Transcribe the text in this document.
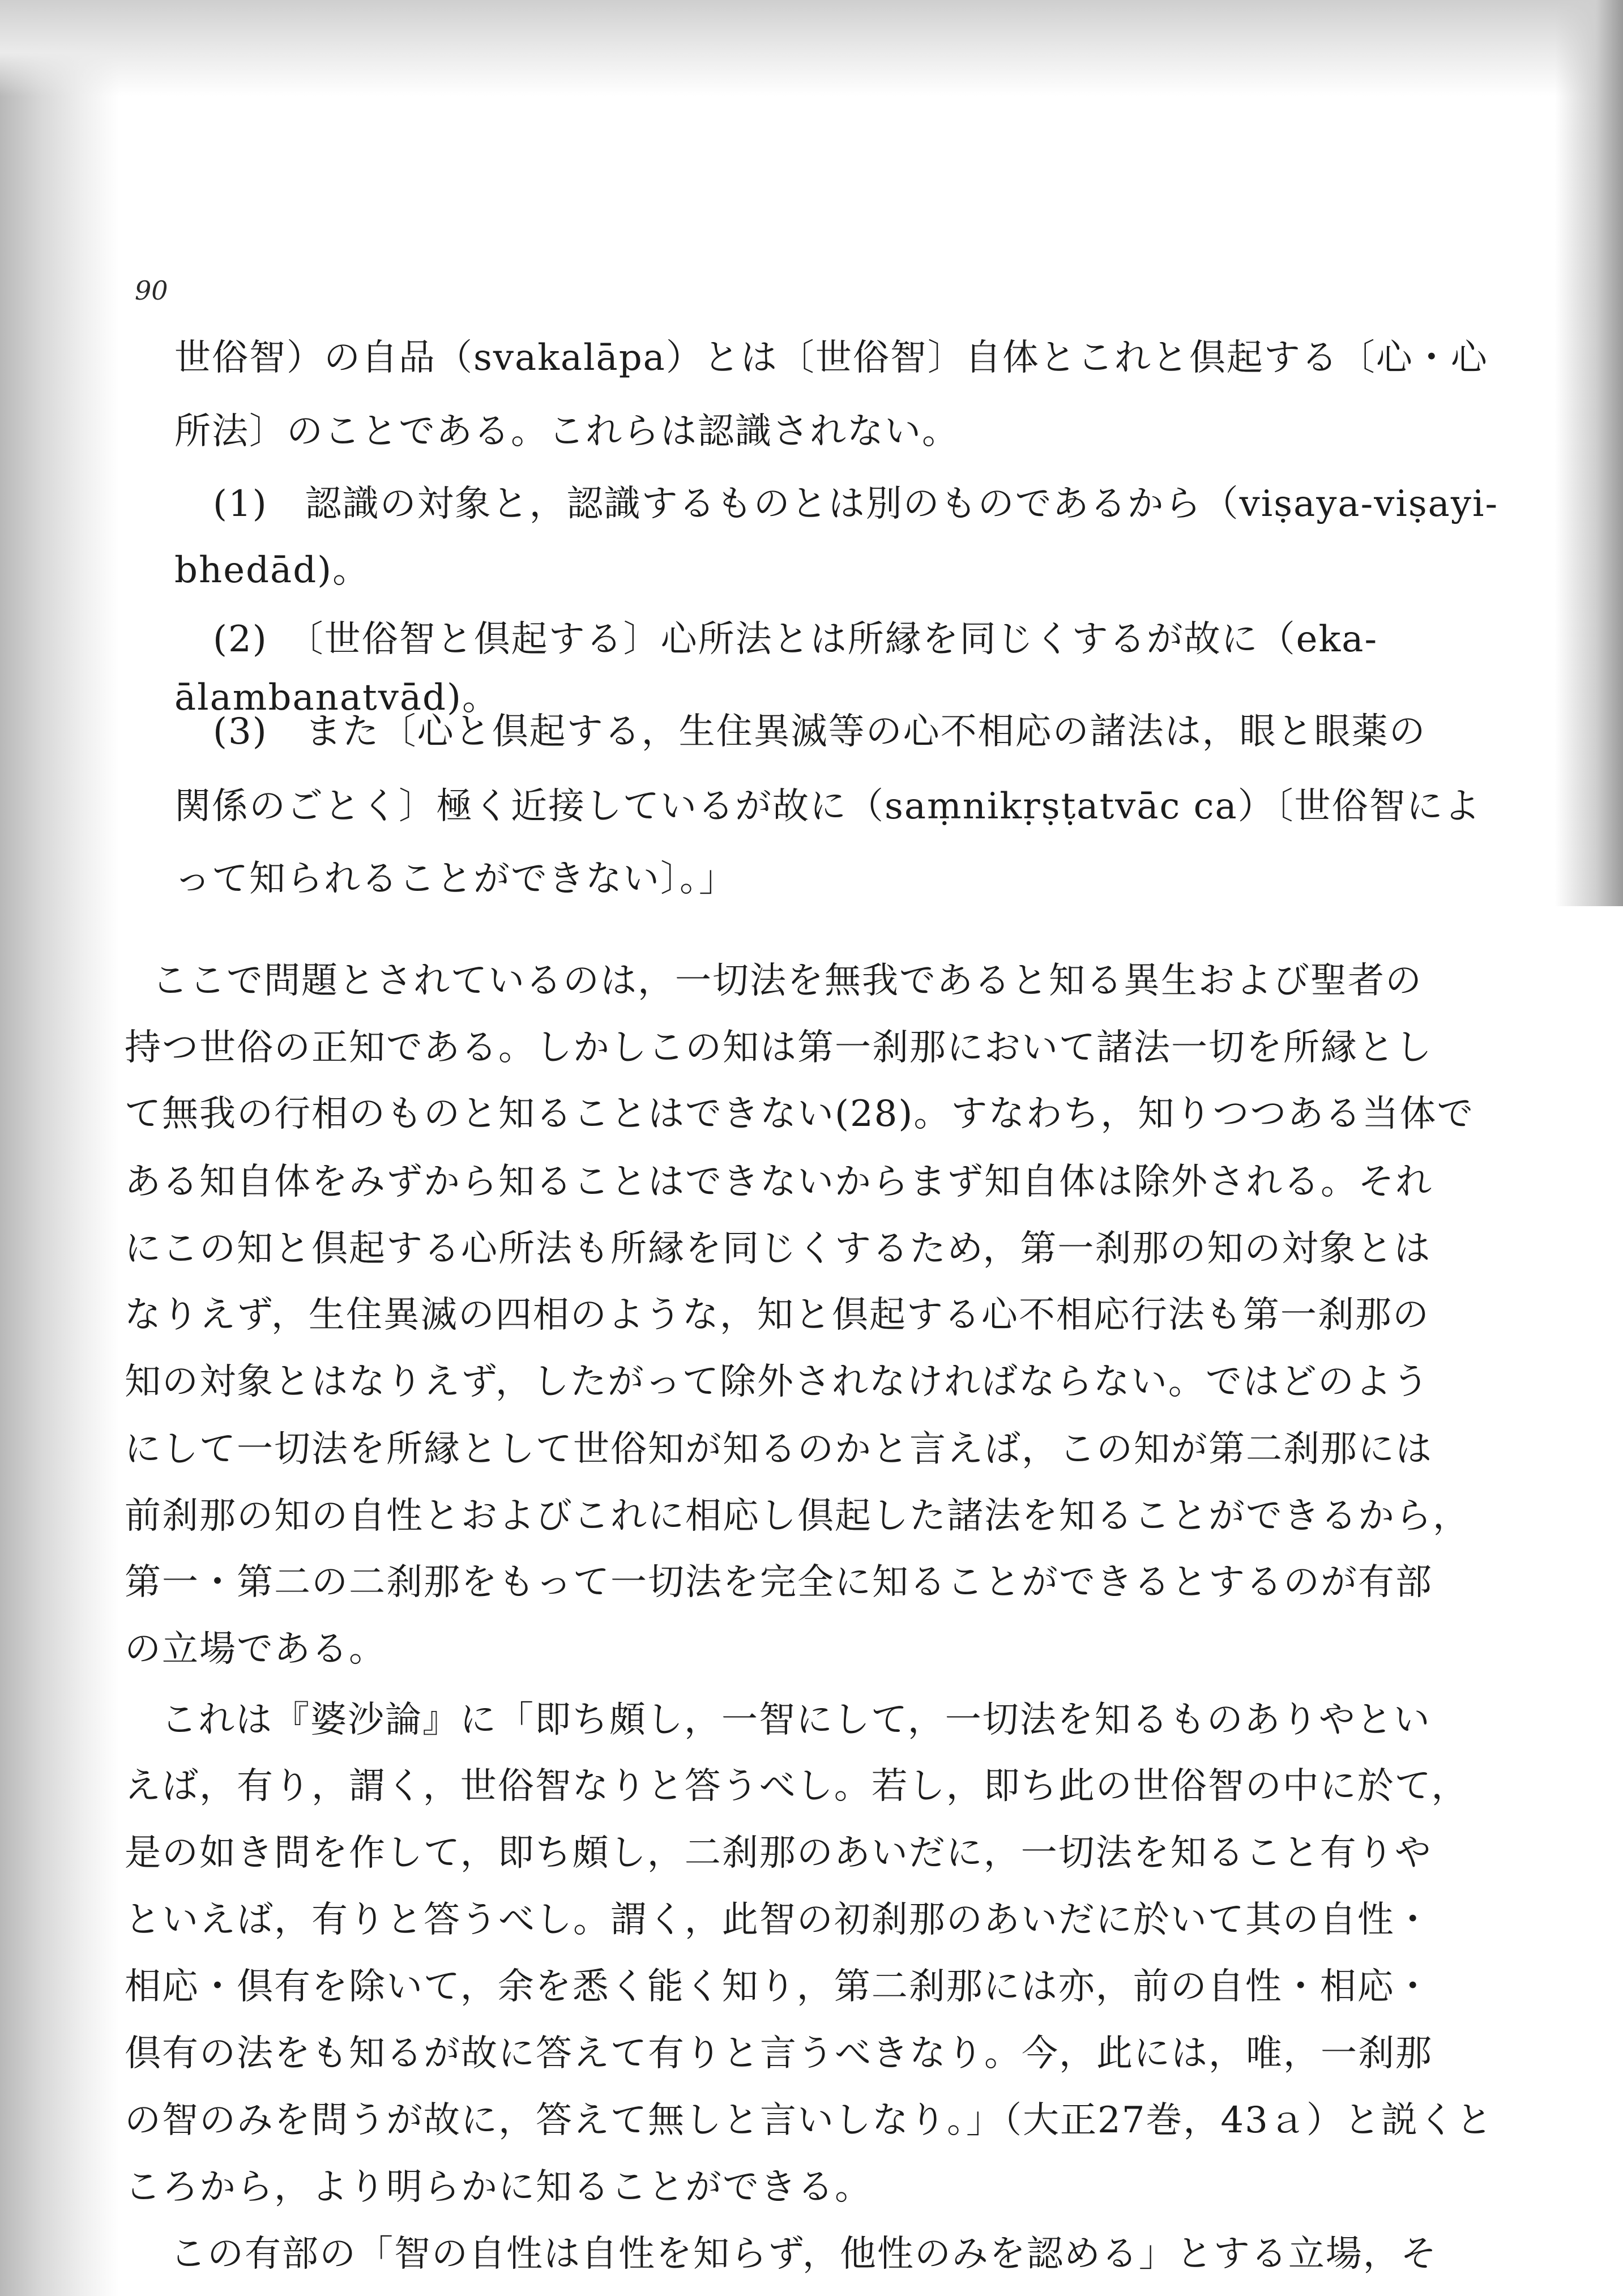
90
世俗智）の自品（svakalāpa）とは〔世俗智〕自体とこれと倶起する〔心・心
所法〕のことである。これらは認識されない。
(1)　認識の対象と，認識するものとは別のものであるから（viṣaya-viṣayi-
bhedād)。
(2)　〔世俗智と倶起する〕心所法とは所縁を同じくするが故に（eka-
ālambanatvād)。
(3)　また〔心と倶起する，生住異滅等の心不相応の諸法は，眼と眼薬の
関係のごとく〕極く近接しているが故に（saṃnikṛṣṭatvāc ca）〔世俗智によ
って知られることができない〕。」
ここで問題とされているのは，一切法を無我であると知る異生および聖者の
持つ世俗の正知である。しかしこの知は第一刹那において諸法一切を所縁とし
て無我の行相のものと知ることはできない(28)。すなわち，知りつつある当体で
ある知自体をみずから知ることはできないからまず知自体は除外される。それ
にこの知と倶起する心所法も所縁を同じくするため，第一刹那の知の対象とは
なりえず，生住異滅の四相のような，知と倶起する心不相応行法も第一刹那の
知の対象とはなりえず，したがって除外されなければならない。ではどのよう
にして一切法を所縁として世俗知が知るのかと言えば，この知が第二刹那には
前刹那の知の自性とおよびこれに相応し倶起した諸法を知ることができるから，
第一・第二の二刹那をもって一切法を完全に知ることができるとするのが有部
の立場である。
これは『婆沙論』に「即ち頗し，一智にして，一切法を知るものありやとい
えば，有り，謂く，世俗智なりと答うべし。若し，即ち此の世俗智の中に於て，
是の如き問を作して，即ち頗し，二刹那のあいだに，一切法を知ること有りや
といえば，有りと答うべし。謂く，此智の初刹那のあいだに於いて其の自性・
相応・倶有を除いて，余を悉く能く知り，第二刹那には亦，前の自性・相応・
倶有の法をも知るが故に答えて有りと言うべきなり。今，此には，唯，一刹那
の智のみを問うが故に，答えて無しと言いしなり。」（大正27巻，43ａ）と説くと
ころから，より明らかに知ることができる。
この有部の「智の自性は自性を知らず，他性のみを認める」とする立場，そ
